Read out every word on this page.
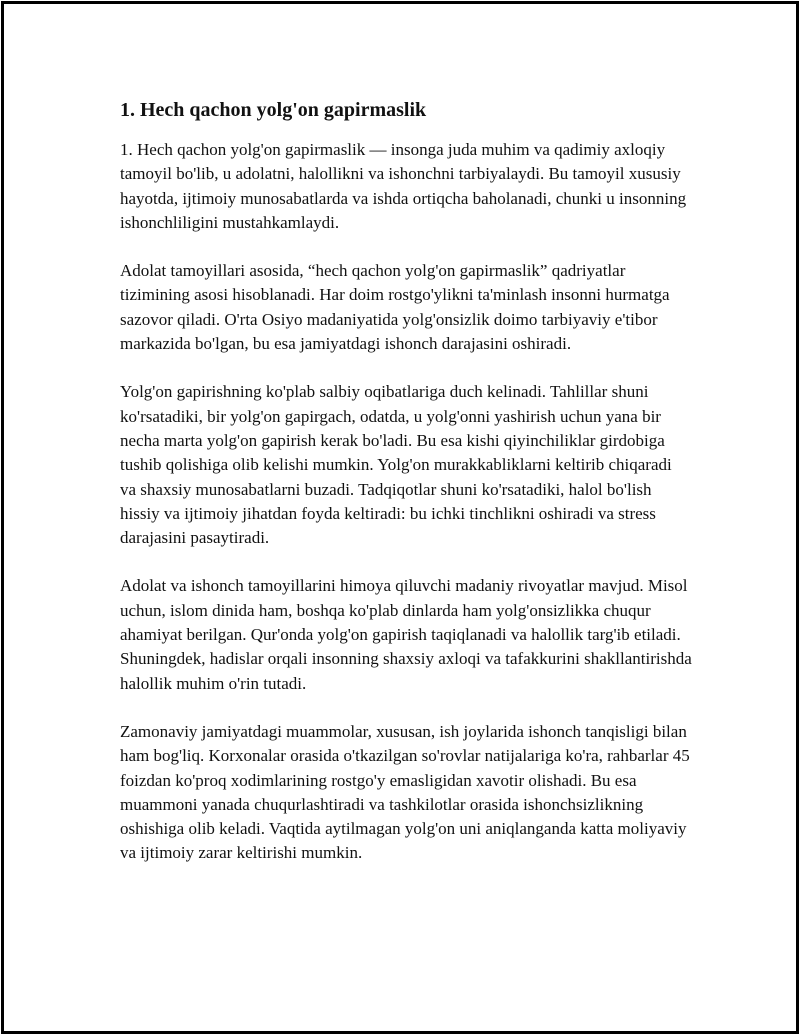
1. Hech qachon yolg'on gapirmaslik

1. Hech qachon yolg'on gapirmaslik — insonga juda muhim va qadimiy axloqiy tamoyil bo'lib, u adolatni, halollikni va ishonchni tarbiyalaydi. Bu tamoyil xususiy hayotda, ijtimoiy munosabatlarda va ishda ortiqcha baholanadi, chunki u insonning ishonchliligini mustahkamlaydi.

Adolat tamoyillari asosida, “hech qachon yolg'on gapirmaslik” qadriyatlar tizimining asosi hisoblanadi. Har doim rostgo'ylikni ta'minlash insonni hurmatga sazovor qiladi. O'rta Osiyo madaniyatida yolg'onsizlik doimo tarbiyaviy e'tibor markazida bo'lgan, bu esa jamiyatdagi ishonch darajasini oshiradi.

Yolg'on gapirishning ko'plab salbiy oqibatlariga duch kelinadi. Tahlillar shuni ko'rsatadiki, bir yolg'on gapirgach, odatda, u yolg'onni yashirish uchun yana bir necha marta yolg'on gapirish kerak bo'ladi. Bu esa kishi qiyinchiliklar girdobiga tushib qolishiga olib kelishi mumkin. Yolg'on murakkabliklarni keltirib chiqaradi va shaxsiy munosabatlarni buzadi. Tadqiqotlar shuni ko'rsatadiki, halol bo'lish hissiy va ijtimoiy jihatdan foyda keltiradi: bu ichki tinchlikni oshiradi va stress darajasini pasaytiradi.

Adolat va ishonch tamoyillarini himoya qiluvchi madaniy rivoyatlar mavjud. Misol uchun, islom dinida ham, boshqa ko'plab dinlarda ham yolg'onsizlikka chuqur ahamiyat berilgan. Qur'onda yolg'on gapirish taqiqlanadi va halollik targ'ib etiladi. Shuningdek, hadislar orqali insonning shaxsiy axloqi va tafakkurini shakllantirishda halollik muhim o'rin tutadi.

Zamonaviy jamiyatdagi muammolar, xususan, ish joylarida ishonch tanqisligi bilan ham bog'liq. Korxonalar orasida o'tkazilgan so'rovlar natijalariga ko'ra, rahbarlar 45 foizdan ko'proq xodimlarining rostgo'y emasligidan xavotir olishadi. Bu esa muammoni yanada chuqurlashtiradi va tashkilotlar orasida ishonchsizlikning oshishiga olib keladi. Vaqtida aytilmagan yolg'on uni aniqlanganda katta moliyaviy va ijtimoiy zarar keltirishi mumkin.
